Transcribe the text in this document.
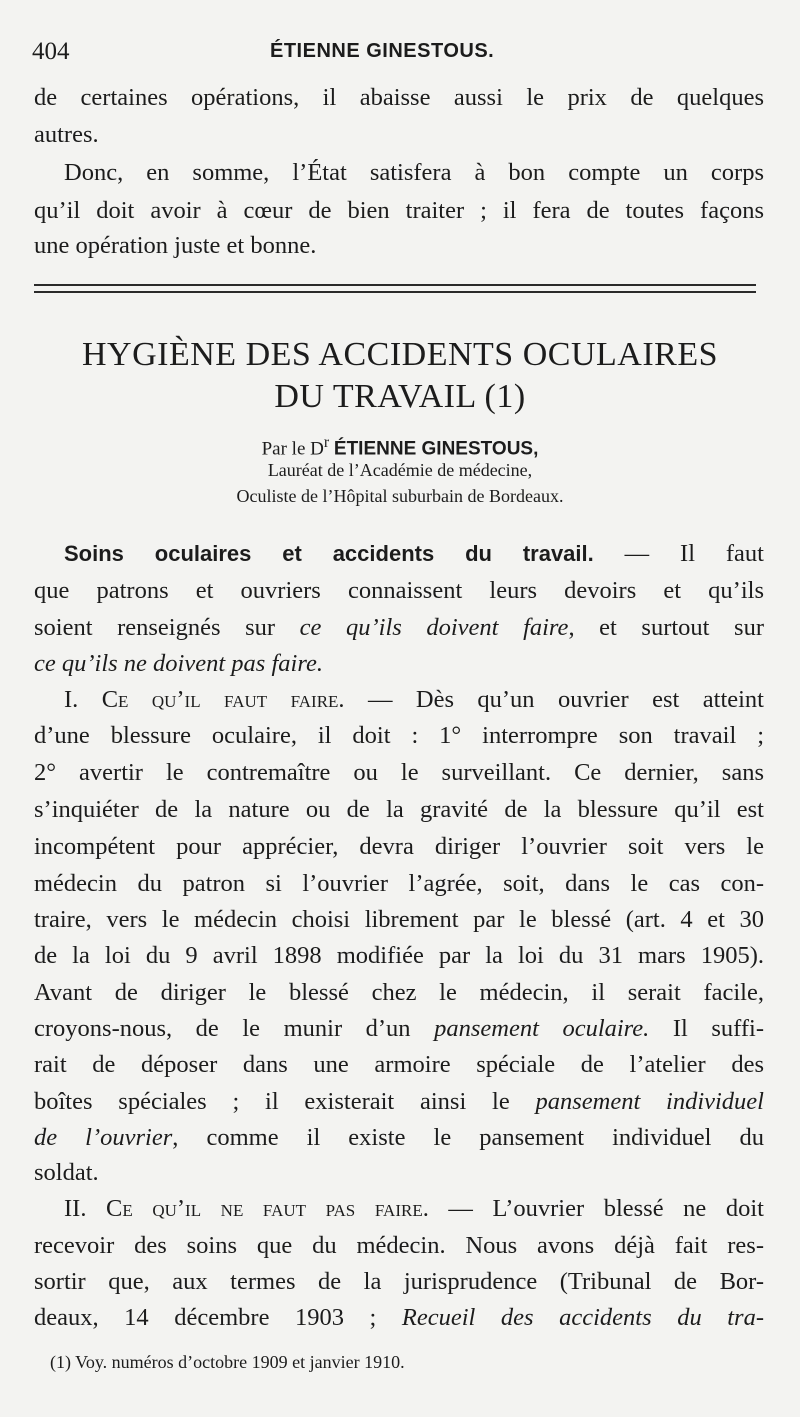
404	ÉTIENNE GINESTOUS.
de certaines opérations, il abaisse aussi le prix de quelques
autres.
Donc, en somme, l’État satisfera à bon compte un corps
qu’il doit avoir à cœur de bien traiter ; il fera de toutes façons
une opération juste et bonne.
HYGIÈNE DES ACCIDENTS OCULAIRES
DU TRAVAIL (1)
Par le $D^r$ ÉTIENNE GINESTOUS,
Lauréat de l’Académie de médecine,
Oculiste de l’Hôpital suburbain de Bordeaux.
Soins oculaires et accidents du travail. — Il faut
que patrons et ouvriers connaissent leurs devoirs et qu’ils
soient renseignés sur ce qu’ils doivent faire, et surtout sur
ce qu’ils ne doivent pas faire.
I. Ce qu’il faut faire. — Dès qu’un ouvrier est atteint
d’une blessure oculaire, il doit : 1° interrompre son travail ;
2° avertir le contremaître ou le surveillant. Ce dernier, sans
s’inquiéter de la nature ou de la gravité de la blessure qu’il est
incompétent pour apprécier, devra diriger l’ouvrier soit vers le
médecin du patron si l’ouvrier l’agrée, soit, dans le cas con-
traire, vers le médecin choisi librement par le blessé (art. 4 et 30
de la loi du 9 avril 1898 modifiée par la loi du 31 mars 1905).
Avant de diriger le blessé chez le médecin, il serait facile,
croyons-nous, de le munir d’un pansement oculaire. Il suffi-
rait de déposer dans une armoire spéciale de l’atelier des
boîtes spéciales ; il existerait ainsi le pansement individuel
de l’ouvrier, comme il existe le pansement individuel du
soldat.
II. Ce qu’il ne faut pas faire. — L’ouvrier blessé ne doit
recevoir des soins que du médecin. Nous avons déjà fait res-
sortir que, aux termes de la jurisprudence (Tribunal de Bor-
deaux, 14 décembre 1903 ; Recueil des accidents du tra-
(1) Voy. numéros d’octobre 1909 et janvier 1910.
